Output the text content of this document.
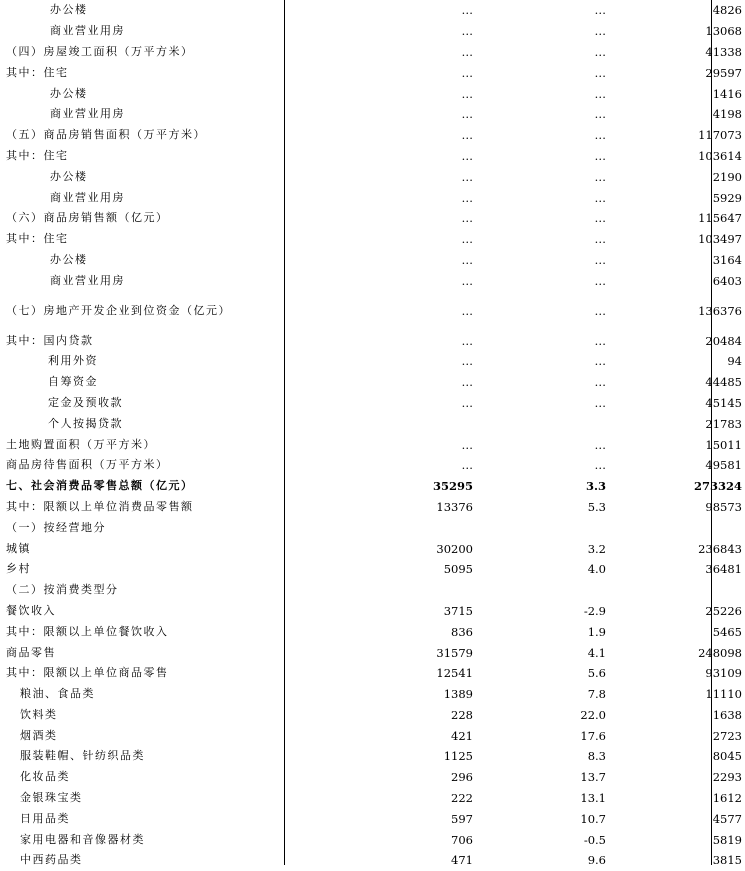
办公楼	…	…	4826	
商业营业用房	…	…	13068	
（四）房屋竣工面积（万平方米）	…	…	41338	
其中：住宅	…	…	29597	
办公楼	…	…	1416	
商业营业用房	…	…	4198	
（五）商品房销售面积（万平方米）	…	…	117073	
其中：住宅	…	…	103614	
办公楼	…	…	2190	
商业营业用房	…	…	5929	
（六）商品房销售额（亿元）	…	…	115647	
其中：住宅	…	…	103497	
办公楼	…	…	3164	
商业营业用房	…	…	6403	
（七）房地产开发企业到位资金（亿元）	…	…	136376	
其中：国内贷款	…	…	20484	
利用外资	…	…	94	
自筹资金	…	…	44485	
定金及预收款	…	…	45145	
个人按揭贷款			21783	
土地购置面积（万平方米）	…	…	15011	
商品房待售面积（万平方米）	…	…	49581	
七、社会消费品零售总额（亿元）	35295	3.3	273324	
其中：限额以上单位消费品零售额	13376	5.3	98573	
（一）按经营地分				
城镇	30200	3.2	236843	
乡村	5095	4.0	36481	
（二）按消费类型分				
餐饮收入	3715	-2.9	25226	
其中：限额以上单位餐饮收入	836	1.9	5465	
商品零售	31579	4.1	248098	
其中：限额以上单位商品零售	12541	5.6	93109	
粮油、食品类	1389	7.8	11110	
饮料类	228	22.0	1638	
烟酒类	421	17.6	2723	
服装鞋帽、针纺织品类	1125	8.3	8045	
化妆品类	296	13.7	2293	
金银珠宝类	222	13.1	1612	
日用品类	597	10.7	4577	
家用电器和音像器材类	706	-0.5	5819	
中西药品类	471	9.6	3815	
